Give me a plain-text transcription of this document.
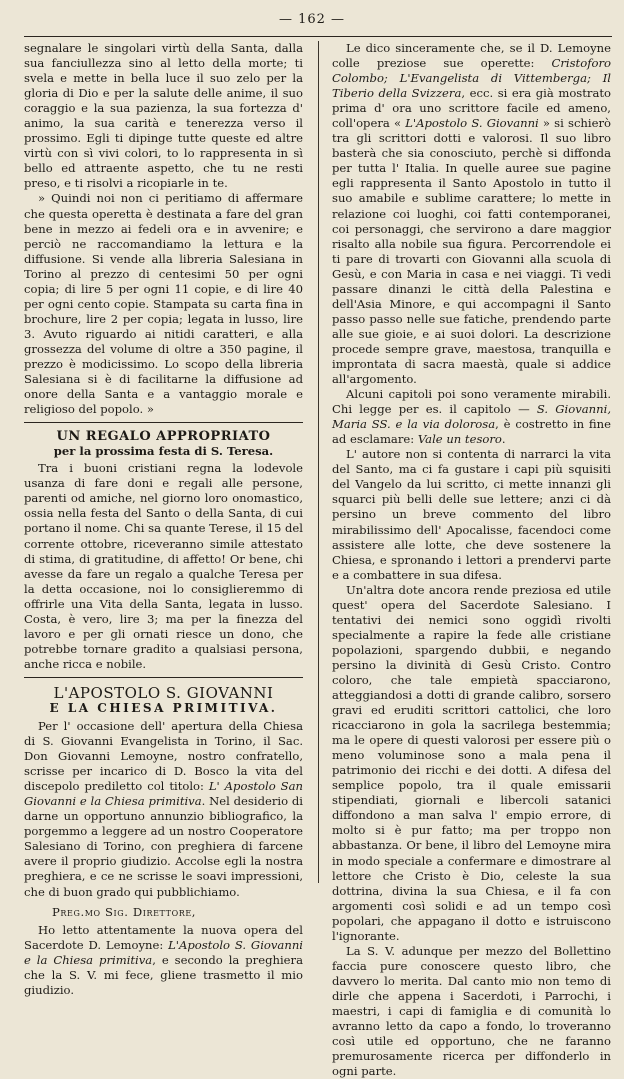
— 162 —

segnalare le singolari virtù della Santa, dalla sua fanciullezza sino al letto della morte; ti svela e mette in bella luce il suo zelo per la gloria di Dio e per la salute delle anime, il suo coraggio e la sua pazienza, la sua fortezza d' animo, la sua carità e tenerezza verso il prossimo. Egli ti dipinge tutte queste ed altre virtù con sì vivi colori, to lo rappresenta in sì bello ed attraente aspetto, che tu ne resti preso, e ti risolvi a ricopiarle in te.

» Quindi noi non ci peritiamo di affermare che questa operetta è destinata a fare del gran bene in mezzo ai fedeli ora e in avvenire; e perciò ne raccomandiamo la lettura e la diffusione. Si vende alla libreria Salesiana in Torino al prezzo di centesimi 50 per ogni copia; di lire 5 per ogni 11 copie, e di lire 40 per ogni cento copie. Stampata su carta fina in brochure, lire 2 per copia; legata in lusso, lire 3. Avuto riguardo ai nitidi caratteri, e alla grossezza del volume di oltre a 350 pagine, il prezzo è modicissimo. Lo scopo della libreria Salesiana si è di facilitarne la diffusione ad onore della Santa e a vantaggio morale e religioso del popolo. »

UN REGALO APPROPRIATO
per la prossima festa di S. Teresa.

Tra i buoni cristiani regna la lodevole usanza di fare doni e regali alle persone, parenti od amiche, nel giorno loro onomastico, ossia nella festa del Santo o della Santa, di cui portano il nome. Chi sa quante Terese, il 15 del corrente ottobre, riceveranno simile attestato di stima, di gratitudine, di affetto! Or bene, chi avesse da fare un regalo a qualche Teresa per la detta occasione, noi lo consiglieremmo di offrirle una Vita della Santa, legata in lusso. Costa, è vero, lire 3; ma per la finezza del lavoro e per gli ornati riesce un dono, che potrebbe tornare gradito a qualsiasi persona, anche ricca e nobile.

L'APOSTOLO S. GIOVANNI
E LA CHIESA PRIMITIVA.

Per l' occasione dell' apertura della Chiesa di S. Giovanni Evangelista in Torino, il Sac. Don Giovanni Lemoyne, nostro confratello, scrisse per incarico di D. Bosco la vita del discepolo prediletto col titolo: L' Apostolo San Giovanni e la Chiesa primitiva. Nel desiderio di darne un opportuno annunzio bibliografico, la porgemmo a leggere ad un nostro Cooperatore Salesiano di Torino, con preghiera di farcene avere il proprio giudizio. Accolse egli la nostra preghiera, e ce ne scrisse le soavi impressioni, che di buon grado qui pubblichiamo.

Preg.mo Sig. Direttore,

Ho letto attentamente la nuova opera del Sacerdote D. Lemoyne: L'Apostolo S. Giovanni e la Chiesa primitiva, e secondo la preghiera che la S. V. mi fece, gliene trasmetto il mio giudizio.

Le dico sinceramente che, se il D. Lemoyne colle preziose sue operette: Cristoforo Colombo; L'Evangelista di Vittemberga; Il Tiberio della Svizzera, ecc. si era già mostrato prima d' ora uno scrittore facile ed ameno, coll'opera « L'Apostolo S. Giovanni » si schierò tra gli scrittori dotti e valorosi. Il suo libro basterà che sia conosciuto, perchè si diffonda per tutta l' Italia. In quelle auree sue pagine egli rappresenta il Santo Apostolo in tutto il suo amabile e sublime carattere; lo mette in relazione coi luoghi, coi fatti contemporanei, coi personaggi, che servirono a dare maggior risalto alla nobile sua figura. Percorrendole ei ti pare di trovarti con Giovanni alla scuola di Gesù, e con Maria in casa e nei viaggi. Ti vedi passare dinanzi le città della Palestina e dell'Asia Minore, e qui accompagni il Santo passo passo nelle sue fatiche, prendendo parte alle sue gioie, e ai suoi dolori. La descrizione procede sempre grave, maestosa, tranquilla e improntata di sacra maestà, quale si addice all'argomento.

Alcuni capitoli poi sono veramente mirabili. Chi legge per es. il capitolo — S. Giovanni, Maria SS. e la via dolorosa, è costretto in fine ad esclamare: Vale un tesoro.

L' autore non si contenta di narrarci la vita del Santo, ma ci fa gustare i capi più squisiti del Vangelo da lui scritto, ci mette innanzi gli squarci più belli delle sue lettere; anzi ci dà persino un breve commento del libro mirabilissimo dell' Apocalisse, facendoci come assistere alle lotte, che deve sostenere la Chiesa, e spronando i lettori a prendervi parte e a combattere in sua difesa.

Un'altra dote ancora rende preziosa ed utile quest' opera del Sacerdote Salesiano. I tentativi dei nemici sono oggidì rivolti specialmente a rapire la fede alle cristiane popolazioni, spargendo dubbii, e negando persino la divinità di Gesù Cristo. Contro coloro, che tale empietà spacciarono, atteggiandosi a dotti di grande calibro, sorsero gravi ed eruditi scrittori cattolici, che loro ricacciarono in gola la sacrilega bestemmia; ma le opere di questi valorosi per essere più o meno voluminose sono a mala pena il patrimonio dei ricchi e dei dotti. A difesa del semplice popolo, tra il quale emissarii stipendiati, giornali e libercoli satanici diffondono a man salva l' empio errore, di molto si è pur fatto; ma per troppo non abbastanza. Or bene, il libro del Lemoyne mira in modo speciale a confermare e dimostrare al lettore che Cristo è Dio, celeste la sua dottrina, divina la sua Chiesa, e il fa con argomenti così solidi e ad un tempo così popolari, che appagano il dotto e istruiscono l'ignorante.

La S. V. adunque per mezzo del Bollettino faccia pure conoscere questo libro, che davvero lo merita. Dal canto mio non temo di dirle che appena i Sacerdoti, i Parrochi, i maestri, i capi di famiglia e di comunità lo avranno letto da capo a fondo, lo troveranno così utile ed opportuno, che ne faranno premurosamente ricerca per diffonderlo in ogni parte.
